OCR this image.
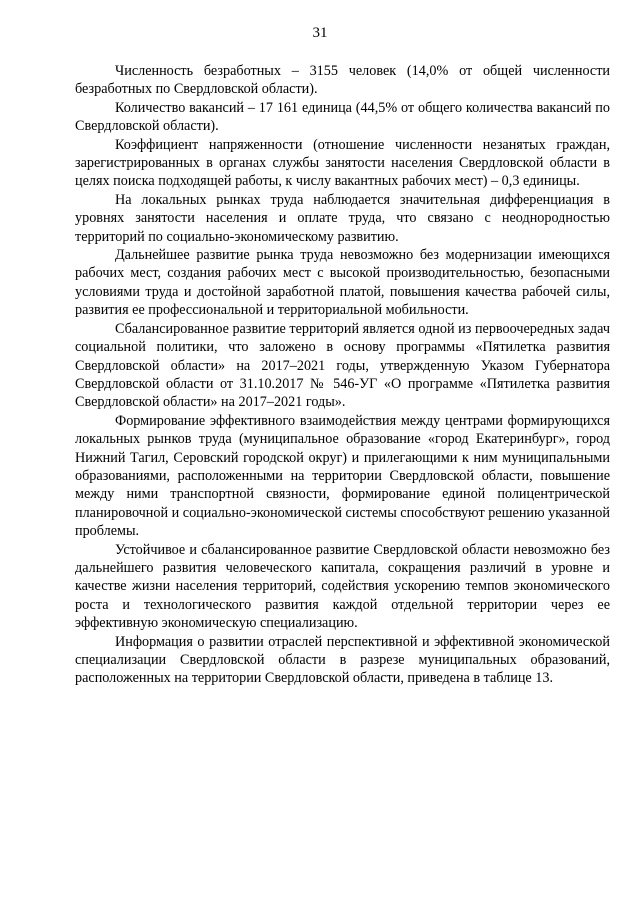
31

Численность безработных – 3155 человек (14,0% от общей численности безработных по Свердловской области).

Количество вакансий – 17 161 единица (44,5% от общего количества вакансий по Свердловской области).

Коэффициент напряженности (отношение численности незанятых граждан, зарегистрированных в органах службы занятости населения Свердловской области в целях поиска подходящей работы, к числу вакантных рабочих мест) – 0,3 единицы.

На локальных рынках труда наблюдается значительная дифференциация в уровнях занятости населения и оплате труда, что связано с неоднородностью территорий по социально-экономическому развитию.

Дальнейшее развитие рынка труда невозможно без модернизации имеющихся рабочих мест, создания рабочих мест с высокой производительностью, безопасными условиями труда и достойной заработной платой, повышения качества рабочей силы, развития ее профессиональной и территориальной мобильности.

Сбалансированное развитие территорий является одной из первоочередных задач социальной политики, что заложено в основу программы «Пятилетка развития Свердловской области» на 2017–2021 годы, утвержденную Указом Губернатора Свердловской области от 31.10.2017 № 546-УГ «О программе «Пятилетка развития Свердловской области» на 2017–2021 годы».

Формирование эффективного взаимодействия между центрами формирующихся локальных рынков труда (муниципальное образование «город Екатеринбург», город Нижний Тагил, Серовский городской округ) и прилегающими к ним муниципальными образованиями, расположенными на территории Свердловской области, повышение между ними транспортной связности, формирование единой полицентрической планировочной и социально-экономической системы способствуют решению указанной проблемы.

Устойчивое и сбалансированное развитие Свердловской области невозможно без дальнейшего развития человеческого капитала, сокращения различий в уровне и качестве жизни населения территорий, содействия ускорению темпов экономического роста и технологического развития каждой отдельной территории через ее эффективную экономическую специализацию.

Информация о развитии отраслей перспективной и эффективной экономической специализации Свердловской области в разрезе муниципальных образований, расположенных на территории Свердловской области, приведена в таблице 13.
